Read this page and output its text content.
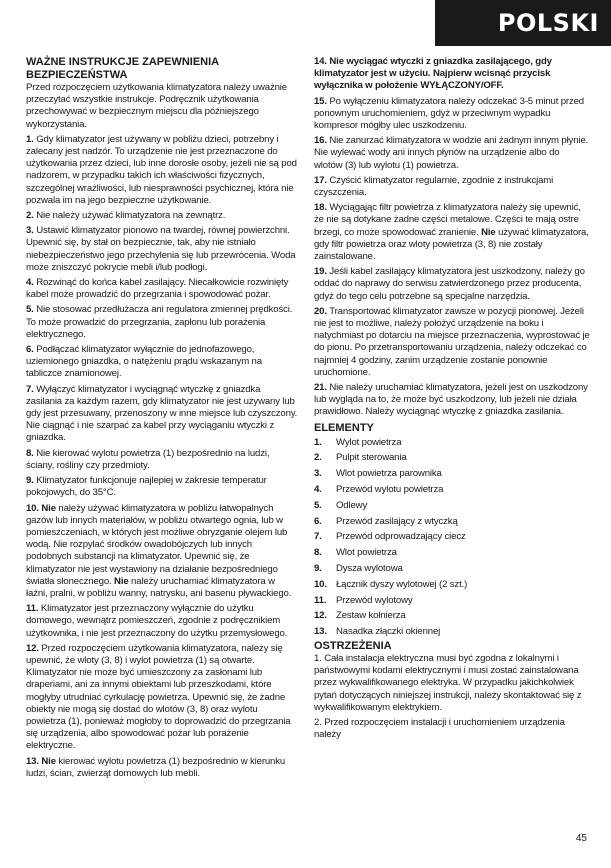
POLSKI
WAŻNE INSTRUKCJE ZAPEWNIENIA BEZPIECZEŃSTWA

Przed rozpoczęciem użytkowania klimatyzatora należy uważnie przeczytać wszystkie instrukcje. Podręcznik użytkowania przechowywać w bezpiecznym miejscu dla późniejszego wykorzystania.

1. Gdy klimatyzator jest używany w pobliżu dzieci, potrzebny i zalecany jest nadzór. To urządzenie nie jest przeznaczone do użytkowania przez dzieci, lub inne dorosłe osoby, jeżeli nie są pod nadzorem, w przypadku takich ich właściwości fizycznych, szczególnej wrażliwości, lub niesprawności psychicznej, która nie pozwala im na jego bezpieczne użytkowanie.

2. Nie należy używać klimatyzatora na zewnątrz.

3. Ustawić klimatyzator pionowo na twardej, równej powierzchni. Upewnić się, by stał on bezpiecznie, tak, aby nie istniało niebezpieczeństwo jego przechylenia się lub przewrócenia. Woda może zniszczyć pokrycie mebli i/lub podłogi.

4. Rozwinąć do końca kabel zasilający. Niecałkowicie rozwinięty kabel może prowadzić do przegrzania i spowodować pożar.

5. Nie stosować przedłużacza ani regulatora zmiennej prędkości. To może prowadzić do przegrzania, zapłonu lub porażenia elektrycznego.

6. Podłączać klimatyzator wyłącznie do jednofazowego, uziemionego gniazdka, o natężeniu prądu wskazanym na tabliczce znamionowej.

7. Wyłączyć klimatyzator i wyciągnąć wtyczkę z gniazdka zasilania za każdym razem, gdy klimatyzator nie jest używany lub gdy jest przesuwany, przenoszony w inne miejsce lub czyszczony. Nie ciągnąć i nie szarpać za kabel przy wyciąganiu wtyczki z gniazdka.

8. Nie kierować wylotu powietrza (1) bezpośrednio na ludzi, ściany, rośliny czy przedmioty.

9. Klimatyzator funkcjonuje najlepiej w zakresie temperatur pokojowych, do 35°C.

10. Nie należy używać klimatyzatora w pobliżu łatwopalnych gazów lub innych materiałów, w pobliżu otwartego ognia, lub w pomieszczeniach, w których jest możliwe obryzganie olejem lub wodą. Nie rozpylać środków owadobójczych lub innych podobnych substancji na klimatyzator. Upewnić się, że klimatyzator nie jest wystawiony na działanie bezpośredniego światła słonecznego. Nie należy uruchamiać klimatyzatora w łaźni, pralni, w pobliżu wanny, natrysku, ani basenu pływackiego.

11. Klimatyzator jest przeznaczony wyłącznie do użytku domowego, wewnątrz pomieszczeń, zgodnie z podręcznikiem użytkownika, i nie jest przeznaczony do użytku przemysłowego.

12. Przed rozpoczęciem użytkowania klimatyzatora, należy się upewnić, że wloty (3, 8) i wylot powietrza (1) są otwarte. Klimatyzator nie może być umieszczony za zasłonami lub draperiami, ani za innymi obiektami lub przeszkodami, które mogłyby utrudniać cyrkulację powietrza. Upewnić się, że żadne obiekty nie mogą się dostać do wlotów (3, 8) oraz wylotu powietrza (1), ponieważ mogłoby to doprowadzić do przegrzania się urządzenia, albo spowodować pożar lub porażenie elektryczne.

13. Nie kierować wylotu powietrza (1) bezpośrednio w kierunku ludzi, ścian, zwierząt domowych lub mebli.

14. Nie wyciągać wtyczki z gniazdka zasilającego, gdy klimatyzator jest w użyciu. Najpierw wcisnąć przycisk wyłącznika w położenie WYŁĄCZONY/OFF.

15. Po wyłączeniu klimatyzatora należy odczekać 3-5 minut przed ponownym uruchomieniem, gdyż w przeciwnym wypadku kompresor mógłby ulec uszkodzeniu.

16. Nie zanurzać klimatyzatora w wodzie ani żadnym innym płynie. Nie wylewać wody ani innych płynów na urządzenie albo do wlotów (3) lub wylotu (1) powietrza.

17. Czyścić klimatyzator regularnie, zgodnie z instrukcjami czyszczenia.

18. Wyciągając filtr powietrza z klimatyzatora należy się upewnić, że nie są dotykane żadne części metalowe. Części te mają ostre brzegi, co może spowodować zranienie. Nie używać klimatyzatora, gdy filtr powietrza oraz wloty powietrza (3, 8) nie zostały zainstalowane.

19. Jeśli kabel zasilający klimatyzatora jest uszkodzony, należy go oddać do naprawy do serwisu zatwierdzonego przez producenta, gdyż do tego celu potrzebne są specjalne narzędzia.

20. Transportować klimatyzator zawsze w pozycji pionowej. Jeżeli nie jest to możliwe, należy położyć urządzenie na boku i natychmiast po dotarciu na miejsce przeznaczenia, wyprostować je do pionu. Po przetransportowaniu urządzenia, należy odczekać co najmniej 4 godziny, zanim urządzenie zostanie ponownie uruchomione.

21. Nie należy uruchamiać klimatyzatora, jeżeli jest on uszkodzony lub wygląda na to, że może być uszkodzony, lub jeżeli nie działa prawidłowo. Należy wyciągnąć wtyczkę z gniazdka zasilania.

ELEMENTY
1.	Wylot powietrza
2.	Pulpit sterowania
3.	Wlot powietrza parownika
4.	Przewód wylotu powietrza
5.	Odlewy
6.	Przewód zasilający z wtyczką
7.	Przewód odprowadzający ciecz
8.	Wlot powietrza
9.	Dysza wylotowa
10. Łącznik dyszy wylotowej (2 szt.)
11.	Przewód wylotowy
12. Zestaw kołnierza
13. Nasadka złączki okiennej
OSTRZEŻENIA

1. Cała instalacja elektryczna musi być zgodna z lokalnymi i państwowymi kodami elektrycznymi i musi zostać zainstalowana przez wykwalifikowanego elektryka. W przypadku jakichkolwiek pytań dotyczących niniejszej instrukcji, należy skontaktować się z wykwalifikowanym elektrykiem.

2. Przed rozpoczęciem instalacji i uruchomieniem urządzenia należy

45
